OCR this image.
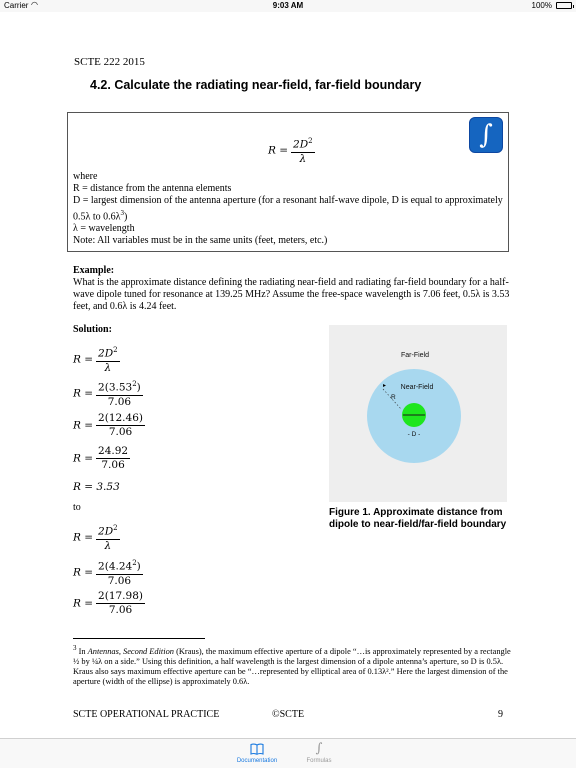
Carrier ◠	9:03 AM	100%
SCTE 222 2015
4.2. Calculate the radiating near-field, far-field boundary
∫
$R = \frac{2D^2}{\lambda}$
where
R = distance from the antenna elements
D = largest dimension of the antenna aperture (for a resonant half-wave dipole, D is equal to approximately 0.5λ to $0.6\lambda^3$)
λ = wavelength
Note: All variables must be in the same units (feet, meters, etc.)
Example:
What is the approximate distance defining the radiating near-field and radiating far-field boundary for a half-wave dipole tuned for resonance at 139.25 MHz? Assume the free-space wavelength is 7.06 feet, 0.5λ is 3.53 feet, and 0.6λ is 4.24 feet.
Solution:
$R = \frac{2D^2}{\lambda}$
$R = \frac{2(3.53^2)}{7.06}$
$R = \frac{2(12.46)}{7.06}$
$R = \frac{24.92}{7.06}$
R = 3.53
to
$R = \frac{2D^2}{\lambda}$
$R = \frac{2(4.24^2)}{7.06}$
$R = \frac{2(17.98)}{7.06}$
▸
Far-Field
Near-Field
R
- D -
Figure 1. Approximate distance from dipole to near-field/far-field boundary
$^3$ In Antennas, Second Edition (Kraus), the maximum effective aperture of a dipole “…is approximately represented by a rectangle ½ by ¼λ on a side.” Using this definition, a half wavelength is the largest dimension of a dipole antenna’s aperture, so D is 0.5λ. Kraus also says maximum effective aperture can be “…represented by elliptical area of 0.13λ².” Here the largest dimension of the aperture (width of the ellipse) is approximately 0.6λ.
SCTE OPERATIONAL PRACTICE	©SCTE	9
Documentation
∫
Formulas
